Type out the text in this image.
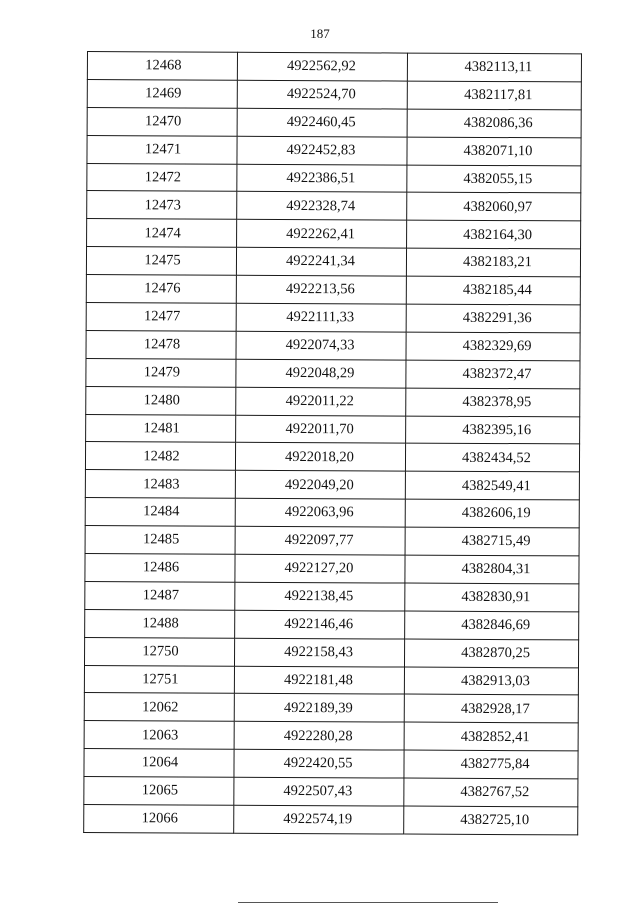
187
12468	4922562,92	4382113,11
12469	4922524,70	4382117,81
12470	4922460,45	4382086,36
12471	4922452,83	4382071,10
12472	4922386,51	4382055,15
12473	4922328,74	4382060,97
12474	4922262,41	4382164,30
12475	4922241,34	4382183,21
12476	4922213,56	4382185,44
12477	4922111,33	4382291,36
12478	4922074,33	4382329,69
12479	4922048,29	4382372,47
12480	4922011,22	4382378,95
12481	4922011,70	4382395,16
12482	4922018,20	4382434,52
12483	4922049,20	4382549,41
12484	4922063,96	4382606,19
12485	4922097,77	4382715,49
12486	4922127,20	4382804,31
12487	4922138,45	4382830,91
12488	4922146,46	4382846,69
12750	4922158,43	4382870,25
12751	4922181,48	4382913,03
12062	4922189,39	4382928,17
12063	4922280,28	4382852,41
12064	4922420,55	4382775,84
12065	4922507,43	4382767,52
12066	4922574,19	4382725,10
